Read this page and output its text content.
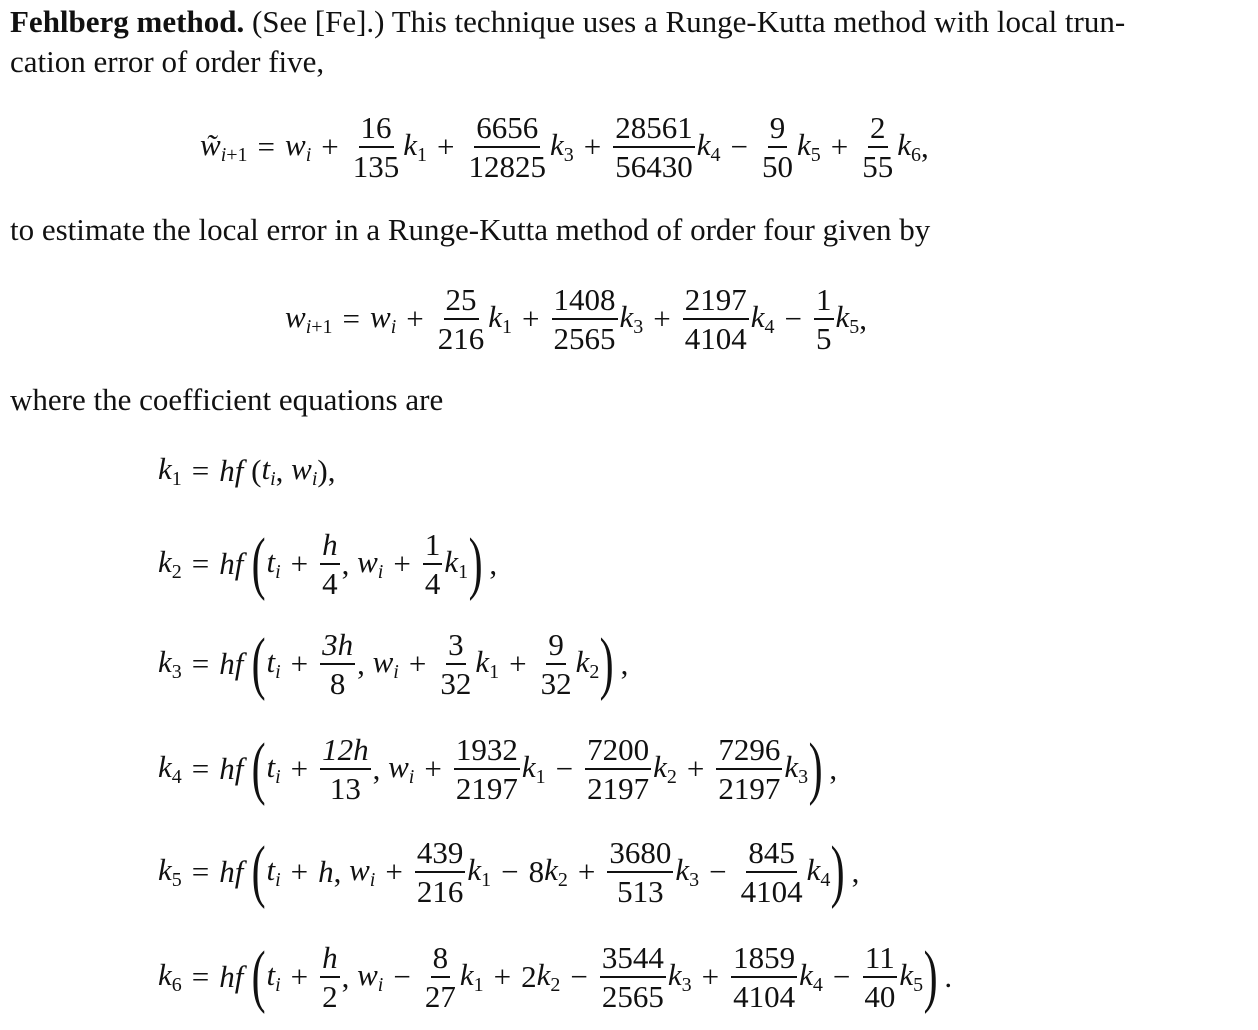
Fehlberg method. (See [Fe].) This technique uses a Runge-Kutta method with local trun-
cation error of order five,
$w̃i_{+1}$ = wi + $\frac{16}{135} k_1 + \frac{6656}{12825} k_3 + \frac{28561}{56430} k_4 - \frac{9}{50} k_5 + \frac{2}{55} k_6$ ,
to estimate the local error in a Runge-Kutta method of order four given by
$wi_{+1}$ = wi + $\frac{25}{216} k_1 + \frac{1408}{2565} k_3 + \frac{2197}{4104} k_4 - \frac{1}{5} k_5$ ,
where the coefficient equations are
$k_1$ = hf ( ti , wi ),
$k_2$ = hf
( ti + $\frac{h}{4}$ , wi + $\frac{1}{4} k_1$ ) ,
$k_3$ = hf
( ti + $\frac{3h}{8}$ , wi + $\frac{3}{32} k_1 + \frac{9}{32} k_2$ ) ,
$k_4$ = hf
( ti + $\frac{12h}{13}$ , wi + $\frac{1932}{2197} k_1 - \frac{7200}{2197} k_2 + \frac{7296}{2197} k_3$ ) ,
$k_5$ = hf
( ti + h , wi + $\frac{439}{216} k_1 - 8$ $k_2 + \frac{3680}{513} k_3 - \frac{845}{4104} k_4$ ) ,
$k_6$ = hf
( ti + $\frac{h}{2}$ , wi − $\frac{8}{27} k_1 + 2$ $k_2 - \frac{3544}{2565} k_3 + \frac{1859}{4104} k_4 - \frac{11}{40} k_5$ ) .
